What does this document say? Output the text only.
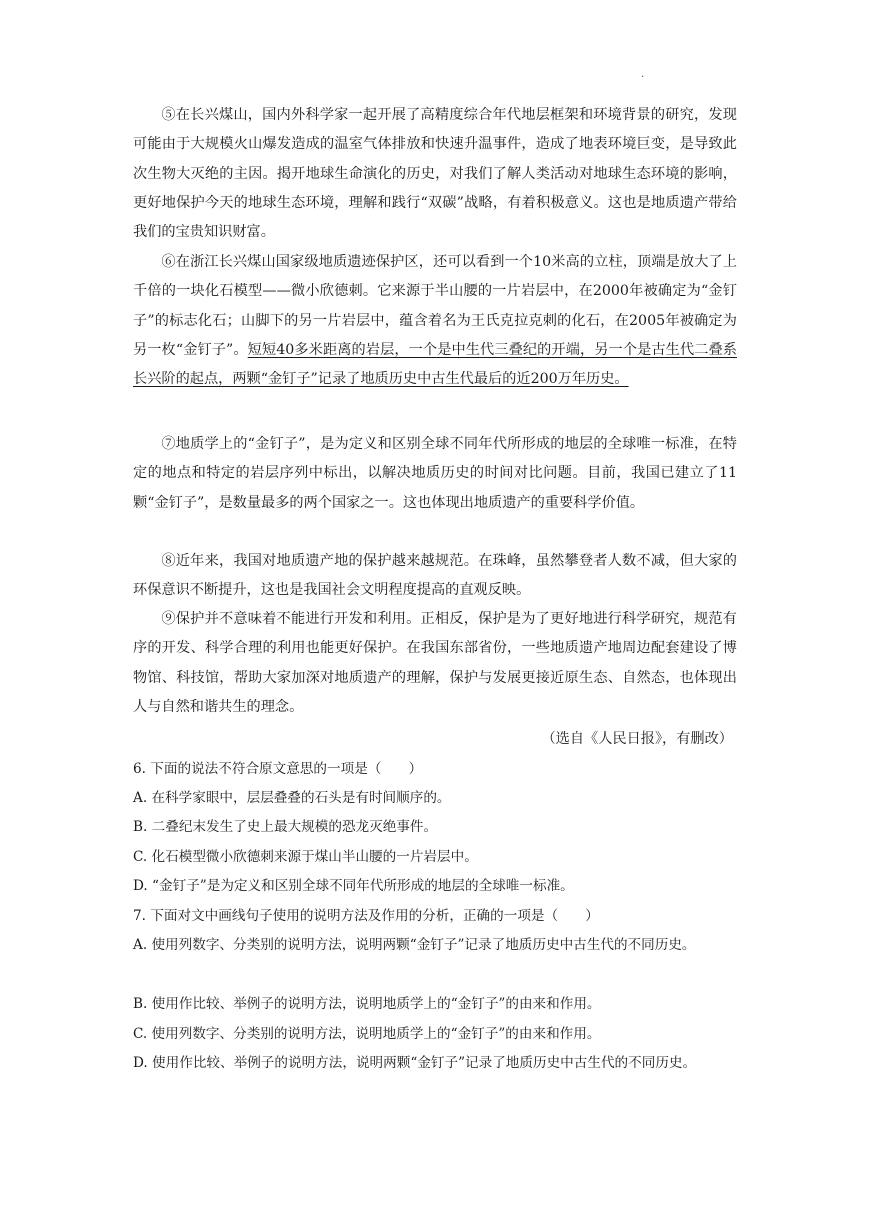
·

⑤在长兴煤山，国内外科学家一起开展了高精度综合年代地层框架和环境背景的研究，发现可能由于大规模火山爆发造成的温室气体排放和快速升温事件，造成了地表环境巨变，是导致此次生物大灭绝的主因。揭开地球生命演化的历史，对我们了解人类活动对地球生态环境的影响，更好地保护今天的地球生态环境，理解和践行“双碳”战略，有着积极意义。这也是地质遗产带给我们的宝贵知识财富。

⑥在浙江长兴煤山国家级地质遗迹保护区，还可以看到一个10米高的立柱，顶端是放大了上千倍的一块化石模型——微小欣德刺。它来源于半山腰的一片岩层中，在2000年被确定为“金钉子”的标志化石；山脚下的另一片岩层中，蕴含着名为王氏克拉克刺的化石，在2005年被确定为另一枚“金钉子”。短短40多米距离的岩层，一个是中生代三叠纪的开端，另一个是古生代二叠系长兴阶的起点，两颗“金钉子”记录了地质历史中古生代最后的近200万年历史。

⑦地质学上的“金钉子”，是为定义和区别全球不同年代所形成的地层的全球唯一标准，在特定的地点和特定的岩层序列中标出，以解决地质历史的时间对比问题。目前，我国已建立了11颗“金钉子”，是数量最多的两个国家之一。这也体现出地质遗产的重要科学价值。

⑧近年来，我国对地质遗产地的保护越来越规范。在珠峰，虽然攀登者人数不减，但大家的环保意识不断提升，这也是我国社会文明程度提高的直观反映。

⑨保护并不意味着不能进行开发和利用。正相反，保护是为了更好地进行科学研究，规范有序的开发、科学合理的利用也能更好保护。在我国东部省份，一些地质遗产地周边配套建设了博物馆、科技馆，帮助大家加深对地质遗产的理解，保护与发展更接近原生态、自然态，也体现出人与自然和谐共生的理念。

（选自《人民日报》，有删改）

6. 下面的说法不符合原文意思的一项是（　　）

A. 在科学家眼中，层层叠叠的石头是有时间顺序的。

B. 二叠纪末发生了史上最大规模的恐龙灭绝事件。

C. 化石模型微小欣德刺来源于煤山半山腰的一片岩层中。

D. “金钉子”是为定义和区别全球不同年代所形成的地层的全球唯一标准。

7. 下面对文中画线句子使用的说明方法及作用的分析，正确的一项是（　　）

A. 使用列数字、分类别的说明方法，说明两颗“金钉子”记录了地质历史中古生代的不同历史。

B. 使用作比较、举例子的说明方法，说明地质学上的“金钉子”的由来和作用。

C. 使用列数字、分类别的说明方法，说明地质学上的“金钉子”的由来和作用。

D. 使用作比较、举例子的说明方法，说明两颗“金钉子”记录了地质历史中古生代的不同历史。
